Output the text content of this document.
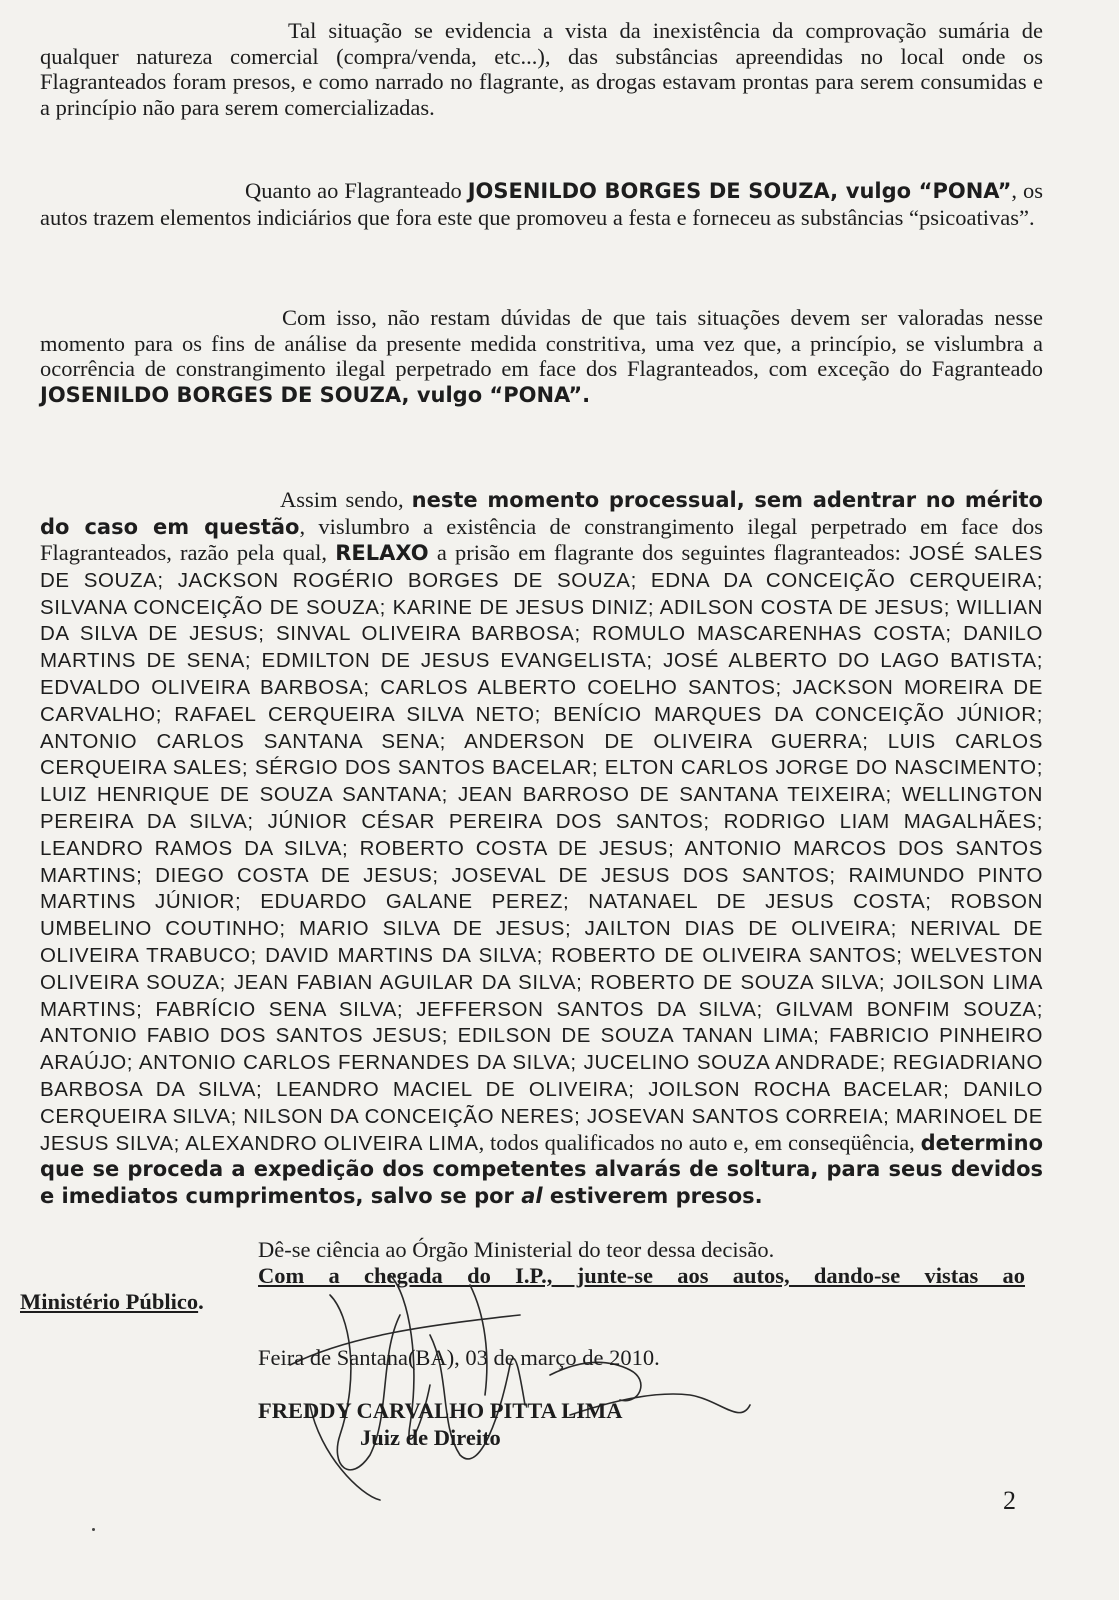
Tal situação se evidencia a vista da inexistência da comprovação sumária de qualquer natureza comercial (compra/venda, etc...), das substâncias apreendidas no local onde os Flagranteados foram presos, e como narrado no flagrante, as drogas estavam prontas para serem consumidas e a princípio não para serem comercializadas.

Quanto ao Flagranteado JOSENILDO BORGES DE SOUZA, vulgo “PONA”, os autos trazem elementos indiciários que fora este que promoveu a festa e forneceu as substâncias “psicoativas”.

Com isso, não restam dúvidas de que tais situações devem ser valoradas nesse momento para os fins de análise da presente medida constritiva, uma vez que, a princípio, se vislumbra a ocorrência de constrangimento ilegal perpetrado em face dos Flagranteados, com exceção do Fagranteado JOSENILDO BORGES DE SOUZA, vulgo “PONA”.

Assim sendo, neste momento processual, sem adentrar no mérito do caso em questão, vislumbro a existência de constrangimento ilegal perpetrado em face dos Flagranteados, razão pela qual, RELAXO a prisão em flagrante dos seguintes flagranteados: JOSÉ SALES DE SOUZA; JACKSON ROGÉRIO BORGES DE SOUZA; EDNA DA CONCEIÇÃO CERQUEIRA; SILVANA CONCEIÇÃO DE SOUZA; KARINE DE JESUS DINIZ; ADILSON COSTA DE JESUS; WILLIAN DA SILVA DE JESUS; SINVAL OLIVEIRA BARBOSA; ROMULO MASCARENHAS COSTA; DANILO MARTINS DE SENA; EDMILTON DE JESUS EVANGELISTA; JOSÉ ALBERTO DO LAGO BATISTA; EDVALDO OLIVEIRA BARBOSA; CARLOS ALBERTO COELHO SANTOS; JACKSON MOREIRA DE CARVALHO; RAFAEL CERQUEIRA SILVA NETO; BENÍCIO MARQUES DA CONCEIÇÃO JÚNIOR; ANTONIO CARLOS SANTANA SENA; ANDERSON DE OLIVEIRA GUERRA; LUIS CARLOS CERQUEIRA SALES; SÉRGIO DOS SANTOS BACELAR; ELTON CARLOS JORGE DO NASCIMENTO; LUIZ HENRIQUE DE SOUZA SANTANA; JEAN BARROSO DE SANTANA TEIXEIRA; WELLINGTON PEREIRA DA SILVA; JÚNIOR CÉSAR PEREIRA DOS SANTOS; RODRIGO LIAM MAGALHÃES; LEANDRO RAMOS DA SILVA; ROBERTO COSTA DE JESUS; ANTONIO MARCOS DOS SANTOS MARTINS; DIEGO COSTA DE JESUS; JOSEVAL DE JESUS DOS SANTOS; RAIMUNDO PINTO MARTINS JÚNIOR; EDUARDO GALANE PEREZ; NATANAEL DE JESUS COSTA; ROBSON UMBELINO COUTINHO; MARIO SILVA DE JESUS; JAILTON DIAS DE OLIVEIRA; NERIVAL DE OLIVEIRA TRABUCO; DAVID MARTINS DA SILVA; ROBERTO DE OLIVEIRA SANTOS; WELVESTON OLIVEIRA SOUZA; JEAN FABIAN AGUILAR DA SILVA; ROBERTO DE SOUZA SILVA; JOILSON LIMA MARTINS; FABRÍCIO SENA SILVA; JEFFERSON SANTOS DA SILVA; GILVAM BONFIM SOUZA; ANTONIO FABIO DOS SANTOS JESUS; EDILSON DE SOUZA TANAN LIMA; FABRICIO PINHEIRO ARAÚJO; ANTONIO CARLOS FERNANDES DA SILVA; JUCELINO SOUZA ANDRADE; REGIADRIANO BARBOSA DA SILVA; LEANDRO MACIEL DE OLIVEIRA; JOILSON ROCHA BACELAR; DANILO CERQUEIRA SILVA; NILSON DA CONCEIÇÃO NERES; JOSEVAN SANTOS CORREIA; MARINOEL DE JESUS SILVA; ALEXANDRO OLIVEIRA LIMA, todos qualificados no auto e, em conseqüência, determino que se proceda a expedição dos competentes alvarás de soltura, para seus devidos e imediatos cumprimentos, salvo se por al estiverem presos.

Dê-se ciência ao Órgão Ministerial do teor dessa decisão.

Com a chegada do I.P., junte-se aos autos, dando-se vistas ao

Ministério Público.

Feira de Santana(BA), 03 de março de 2010.

FREDDY CARVALHO PITTA LIMA

Juiz de Direito

2
